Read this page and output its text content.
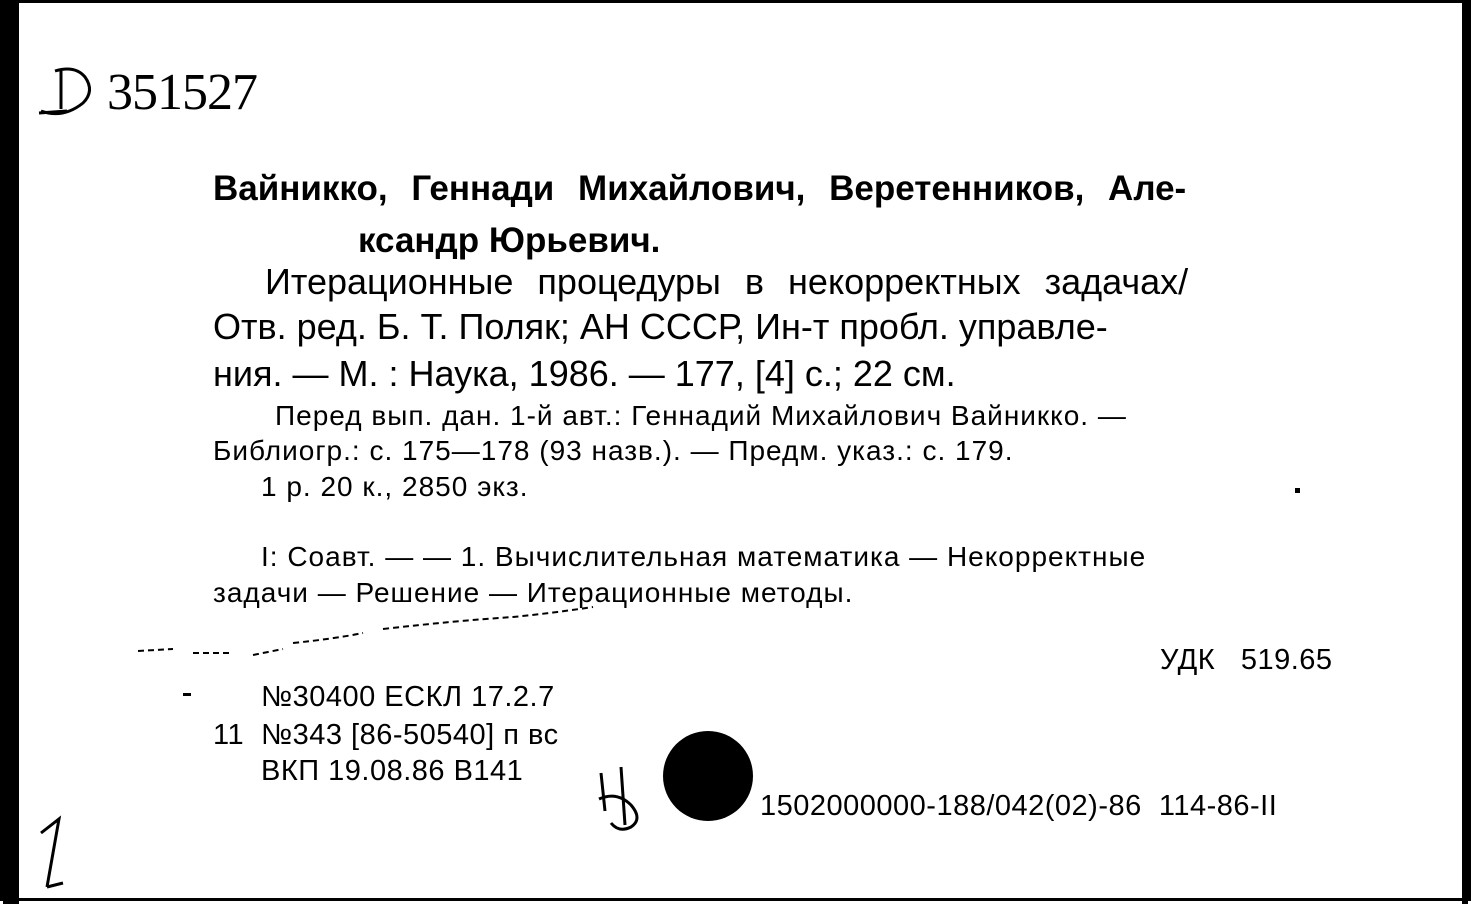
351527
Вайникко, Геннади Михайлович, Веретенников, Але-
ксандр Юрьевич.
Итерационные процедуры в некорректных задачах/
Отв. ред. Б. Т. Поляк; АН СССР, Ин-т пробл. управле-
ния. — М. : Наука, 1986. — 177, [4] с.; 22 см.
Перед вып. дан. 1-й авт.: Геннадий Михайлович Вайникко. —
Библиогр.: с. 175—178 (93 назв.). — Предм. указ.: с. 179.
1 р. 20 к., 2850 экз.
I: Соавт. — — 1. Вычислительная математика — Некорректные
задачи — Решение — Итерационные методы.
УДК   519.65
№30400 ЕСКЛ 17.2.7
11 №343 [86-50540] п вс
ВКП 19.08.86 В141
1502000000-188/042(02)-86  114-86-II
